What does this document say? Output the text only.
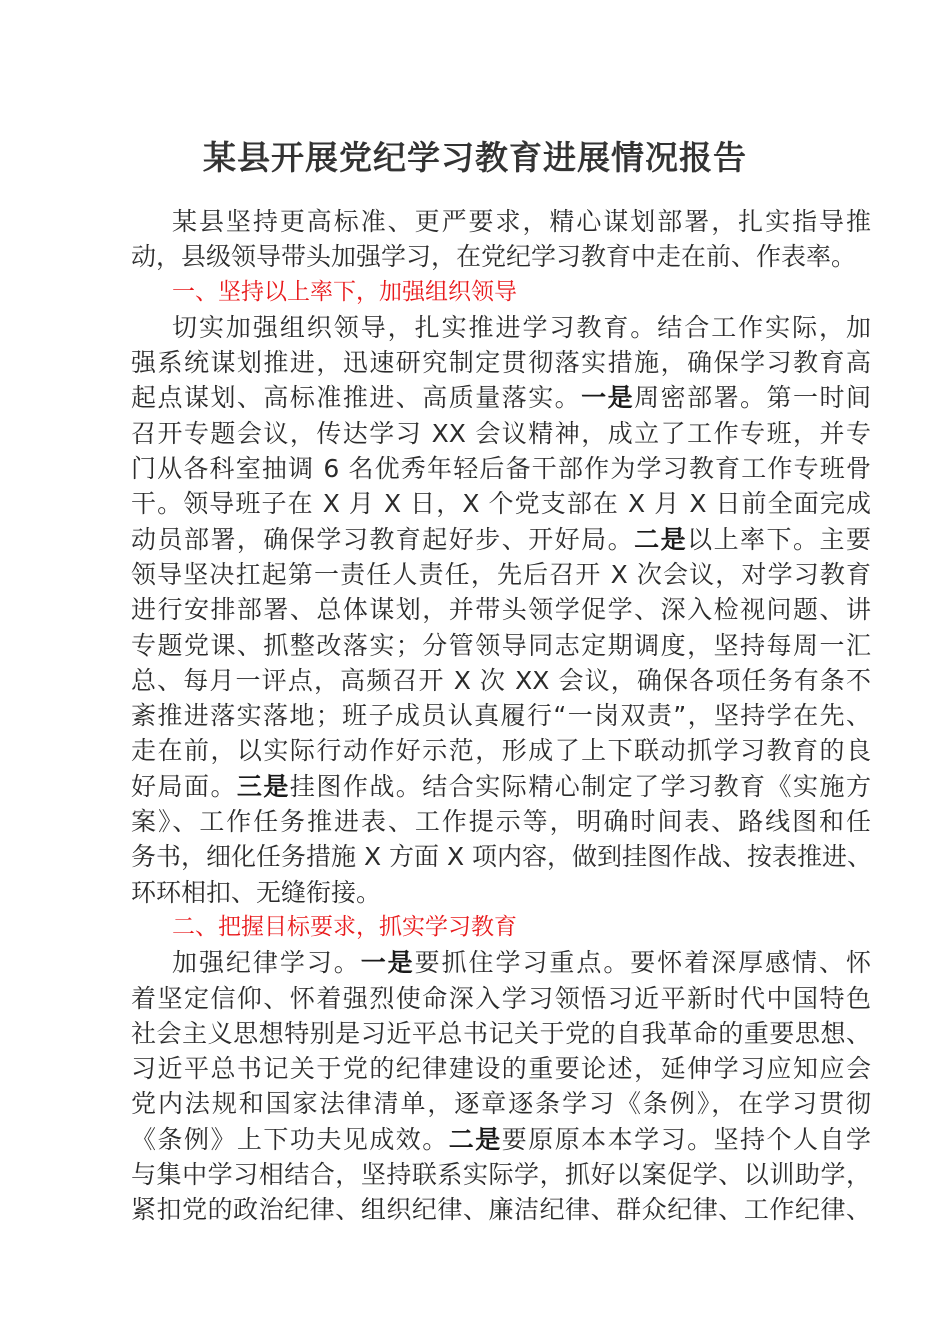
某县开展党纪学习教育进展情况报告
某县坚持更高标准、更严要求，精心谋划部署，扎实指导推
动，县级领导带头加强学习，在党纪学习教育中走在前、作表率。
一、坚持以上率下，加强组织领导
切实加强组织领导，扎实推进学习教育。结合工作实际，加
强系统谋划推进，迅速研究制定贯彻落实措施，确保学习教育高
起点谋划、高标准推进、高质量落实。一是周密部署。第一时间
召开专题会议，传达学习 XX 会议精神，成立了工作专班，并专
门从各科室抽调 6 名优秀年轻后备干部作为学习教育工作专班骨
干。领导班子在 X 月 X 日，X 个党支部在 X 月 X 日前全面完成
动员部署，确保学习教育起好步、开好局。二是以上率下。主要
领导坚决扛起第一责任人责任，先后召开 X 次会议，对学习教育
进行安排部署、总体谋划，并带头领学促学、深入检视问题、讲
专题党课、抓整改落实；分管领导同志定期调度，坚持每周一汇
总、每月一评点，高频召开 X 次 XX 会议，确保各项任务有条不
紊推进落实落地；班子成员认真履行“一岗双责”，坚持学在先、
走在前，以实际行动作好示范，形成了上下联动抓学习教育的良
好局面。三是挂图作战。结合实际精心制定了学习教育《实施方
案》、工作任务推进表、工作提示等，明确时间表、路线图和任
务书，细化任务措施 X 方面 X 项内容，做到挂图作战、按表推进、
环环相扣、无缝衔接。
二、把握目标要求，抓实学习教育
加强纪律学习。一是要抓住学习重点。要怀着深厚感情、怀
着坚定信仰、怀着强烈使命深入学习领悟习近平新时代中国特色
社会主义思想特别是习近平总书记关于党的自我革命的重要思想、
习近平总书记关于党的纪律建设的重要论述，延伸学习应知应会
党内法规和国家法律清单，逐章逐条学习《条例》，在学习贯彻
《条例》上下功夫见成效。二是要原原本本学习。坚持个人自学
与集中学习相结合，坚持联系实际学，抓好以案促学、以训助学，
紧扣党的政治纪律、组织纪律、廉洁纪律、群众纪律、工作纪律、
